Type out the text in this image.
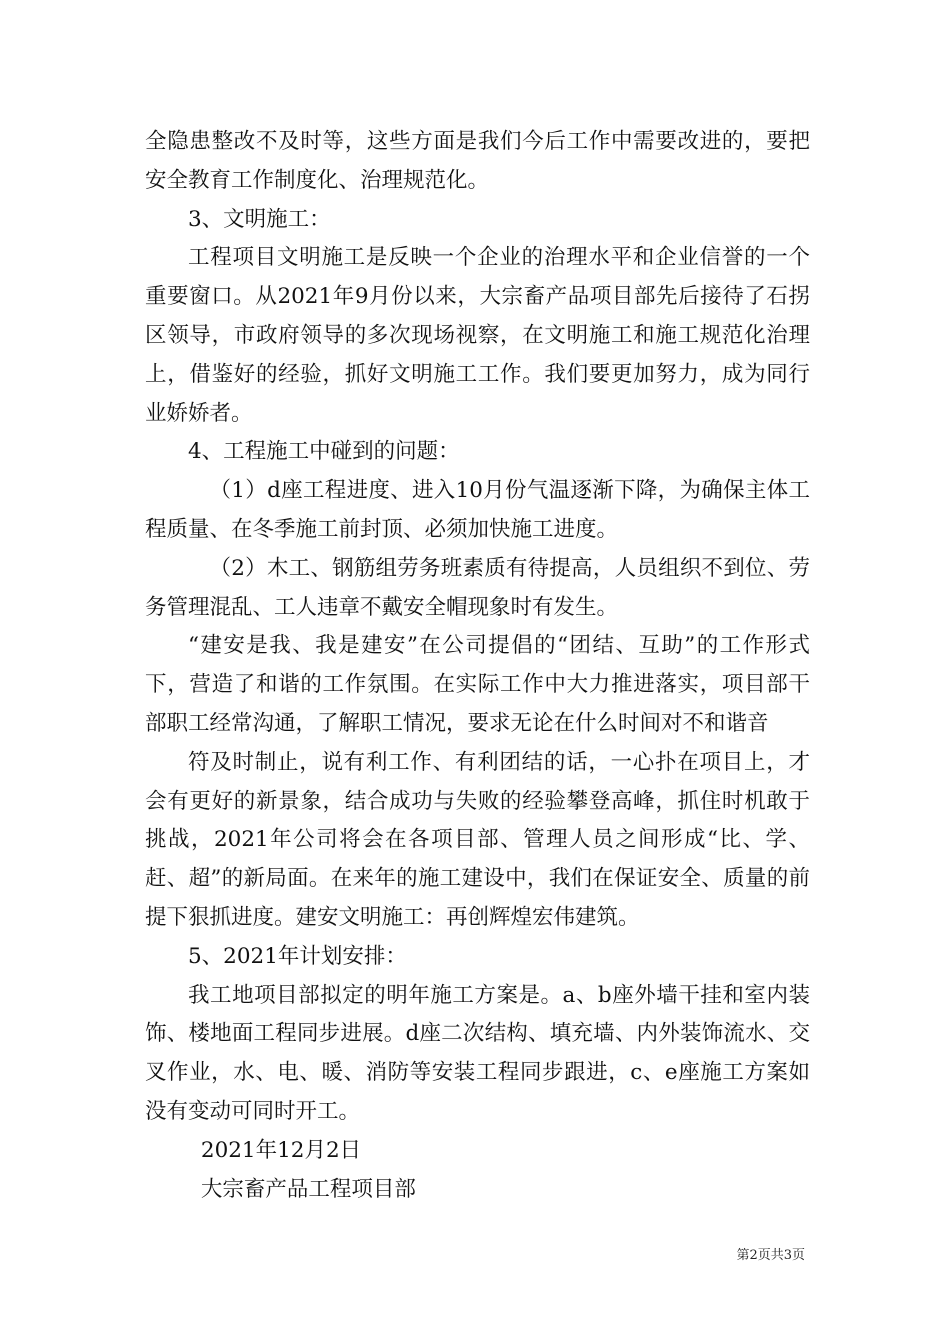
全隐患整改不及时等，这些方面是我们今后工作中需要改进的，要把安全教育工作制度化、治理规范化。

3、文明施工：

工程项目文明施工是反映一个企业的治理水平和企业信誉的一个重要窗口。从2021年9月份以来，大宗畜产品项目部先后接待了石拐区领导，市政府领导的多次现场视察，在文明施工和施工规范化治理上，借鉴好的经验，抓好文明施工工作。我们要更加努力，成为同行业娇娇者。

4、工程施工中碰到的问题：

（1）d座工程进度、进入10月份气温逐渐下降，为确保主体工程质量、在冬季施工前封顶、必须加快施工进度。

（2）木工、钢筋组劳务班素质有待提高，人员组织不到位、劳务管理混乱、工人违章不戴安全帽现象时有发生。

“建安是我、我是建安”在公司提倡的“团结、互助”的工作形式下，营造了和谐的工作氛围。在实际工作中大力推进落实，项目部干部职工经常沟通，了解职工情况，要求无论在什么时间对不和谐音

符及时制止，说有利工作、有利团结的话，一心扑在项目上，才会有更好的新景象，结合成功与失败的经验攀登高峰，抓住时机敢于挑战，2021年公司将会在各项目部、管理人员之间形成“比、学、赶、超”的新局面。在来年的施工建设中，我们在保证安全、质量的前提下狠抓进度。建安文明施工：再创辉煌宏伟建筑。

5、2021年计划安排：

我工地项目部拟定的明年施工方案是。a、b座外墙干挂和室内装饰、楼地面工程同步进展。d座二次结构、填充墙、内外装饰流水、交叉作业，水、电、暖、消防等安装工程同步跟进，c、e座施工方案如没有变动可同时开工。

2021年12月2日

大宗畜产品工程项目部

第2页共3页
